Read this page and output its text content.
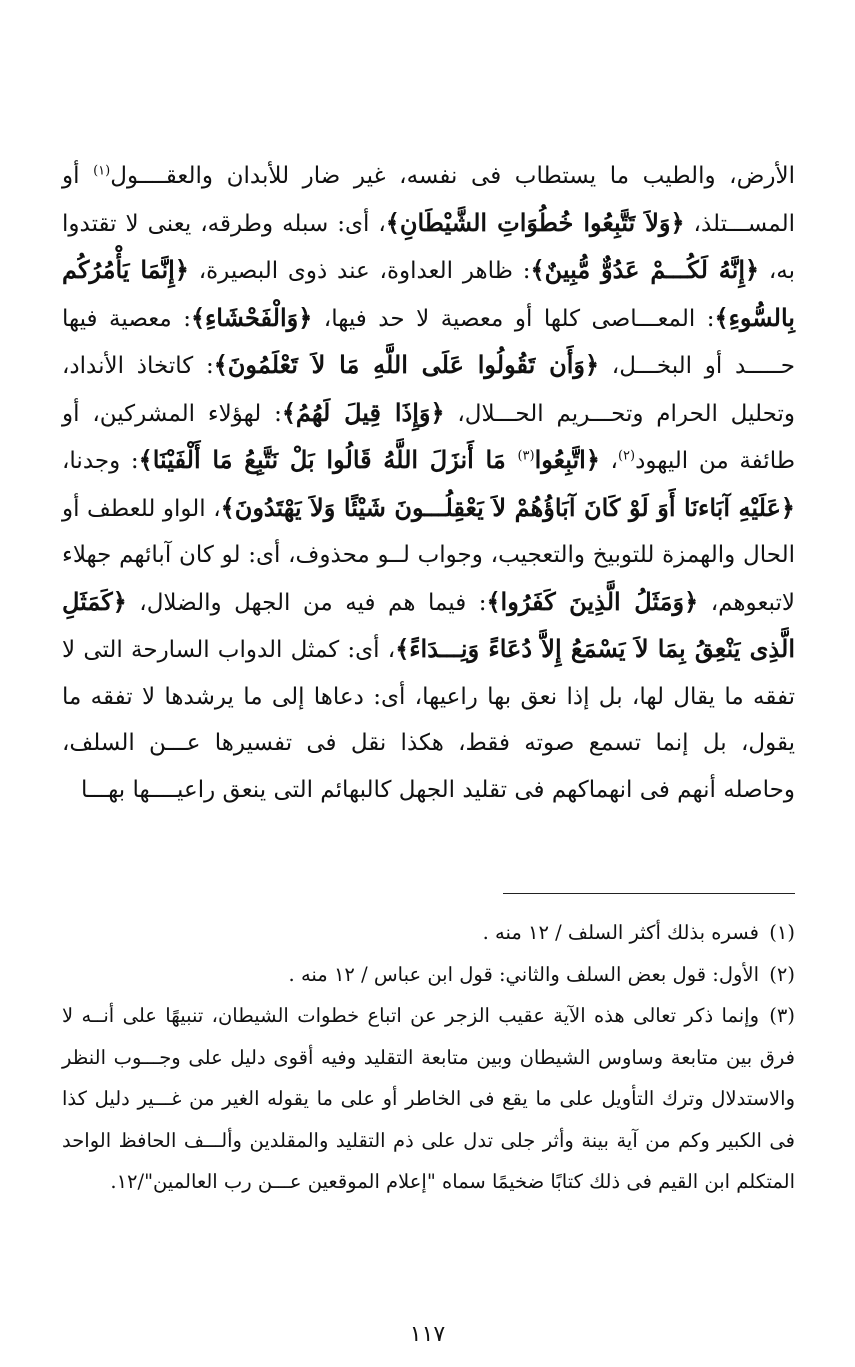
الأرض، والطيب ما يستطاب فى نفسه، غير ضار للأبدان والعقــــول$^{(١)}$ أو المســـتلذ، ﴿وَلاَ تَتَّبِعُوا خُطُوَاتِ الشَّيْطَانِ﴾، أى: سبله وطرقه، يعنى لا تقتدوا به، ﴿إِنَّهُ لَكُـــمْ عَدُوٌّ مُّبِينٌ﴾: ظاهر العداوة، عند ذوى البصيرة، ﴿إِنَّمَا يَأْمُرُكُم بِالسُّوءِ﴾: المعـــاصى كلها أو معصية لا حد فيها، ﴿وَالْفَحْشَاءِ﴾: معصية فيها حـــــد أو البخـــل، ﴿وَأَن تَقُولُوا عَلَى اللَّهِ مَا لاَ تَعْلَمُونَ﴾: كاتخاذ الأنداد، وتحليل الحرام وتحـــريم الحـــلال، ﴿وَإِذَا قِيلَ لَهُمُ﴾: لهؤلاء المشركين، أو طائفة من اليهود$^{(٢)}$، ﴿اتَّبِعُوا$^{(٣)}$ مَا أَنزَلَ اللَّهُ قَالُوا بَلْ نَتَّبِعُ مَا أَلْفَيْنَا﴾: وجدنا، ﴿عَلَيْهِ آبَاءنَا أَوَ لَوْ كَانَ آبَاؤُهُمْ لاَ يَعْقِلُـــونَ شَيْئًا وَلاَ يَهْتَدُونَ﴾، الواو للعطف أو الحال والهمزة للتوبيخ والتعجيب، وجواب لــو محذوف، أى: لو كان آبائهم جهلاء لاتبعوهم، ﴿وَمَثَلُ الَّذِينَ كَفَرُوا﴾: فيما هم فيه من الجهل والضلال، ﴿كَمَثَلِ الَّذِى يَنْعِقُ بِمَا لاَ يَسْمَعُ إِلاَّ دُعَاءً وَنِـــدَاءً﴾، أى: كمثل الدواب السارحة التى لا تفقه ما يقال لها، بل إذا نعق بها راعيها، أى: دعاها إلى ما يرشدها لا تفقه ما يقول، بل إنما تسمع صوته فقط، هكذا نقل فى تفسيرها عـــن السلف، وحاصله أنهم فى انهماكهم فى تقليد الجهل كالبهائم التى ينعق راعيــــها بهـــا

(١)فسره بذلك أكثر السلف / ١٢ منه .

(٢)الأول: قول بعض السلف والثاني: قول ابن عباس / ١٢ منه .

(٣)وإنما ذكر تعالى هذه الآية عقيب الزجر عن اتباع خطوات الشيطان، تنبيهًا على أنــه لا فرق بين متابعة وساوس الشيطان وبين متابعة التقليد وفيه أقوى دليل على وجـــوب النظر والاستدلال وترك التأويل على ما يقع فى الخاطر أو على ما يقوله الغير من غـــير دليل كذا فى الكبير وكم من آية بينة وأثر جلى تدل على ذم التقليد والمقلدين وألـــف الحافظ الواحد المتكلم ابن القيم فى ذلك كتابًا ضخيمًا سماه "إعلام الموقعين عـــن رب العالمين"/١٢.

١١٧
